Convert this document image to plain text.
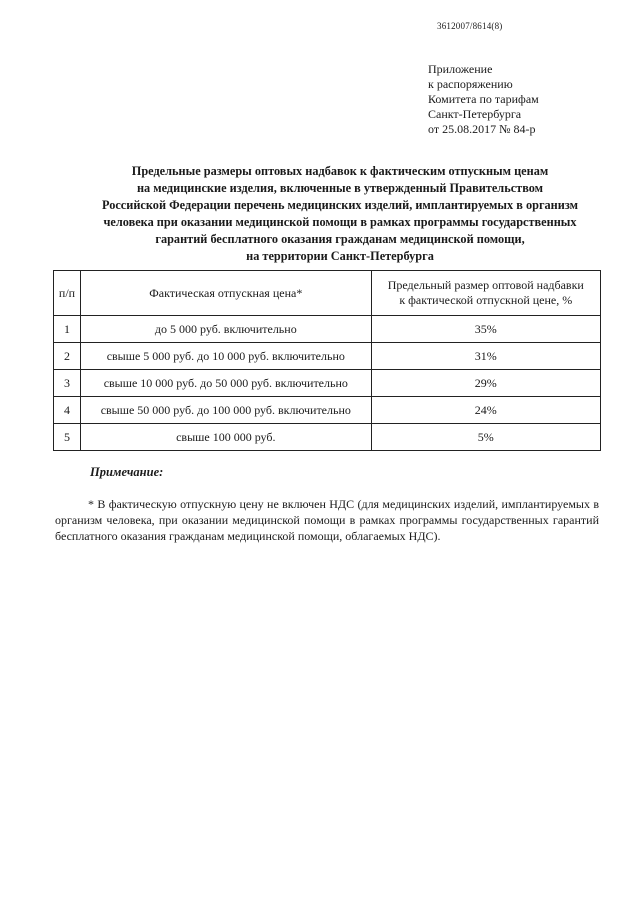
3612007/8614(8)
Приложение
к распоряжению
Комитета по тарифам
Санкт-Петербурга
от 25.08.2017 № 84-р
Предельные размеры оптовых надбавок к фактическим отпускным ценам
на медицинские изделия, включенные в утвержденный Правительством
Российской Федерации перечень медицинских изделий, имплантируемых в организм
человека при оказании медицинской помощи в рамках программы государственных
гарантий бесплатного оказания гражданам медицинской помощи,
на территории Санкт-Петербурга
п/п	Фактическая отпускная цена*	Предельный размер оптовой надбавки
к фактической отпускной цене, %
1	до 5 000 руб. включительно	35%
2	свыше 5 000 руб. до 10 000 руб. включительно	31%
3	свыше 10 000 руб. до 50 000 руб. включительно	29%
4	свыше 50 000 руб. до 100 000 руб. включительно	24%
5	свыше 100 000 руб.	5%
Примечание:
* В фактическую отпускную цену не включен НДС (для медицинских изделий, имплантируемых в организм человека, при оказании медицинской помощи в рамках программы государственных гарантий бесплатного оказания гражданам медицинской помощи, облагаемых НДС).
